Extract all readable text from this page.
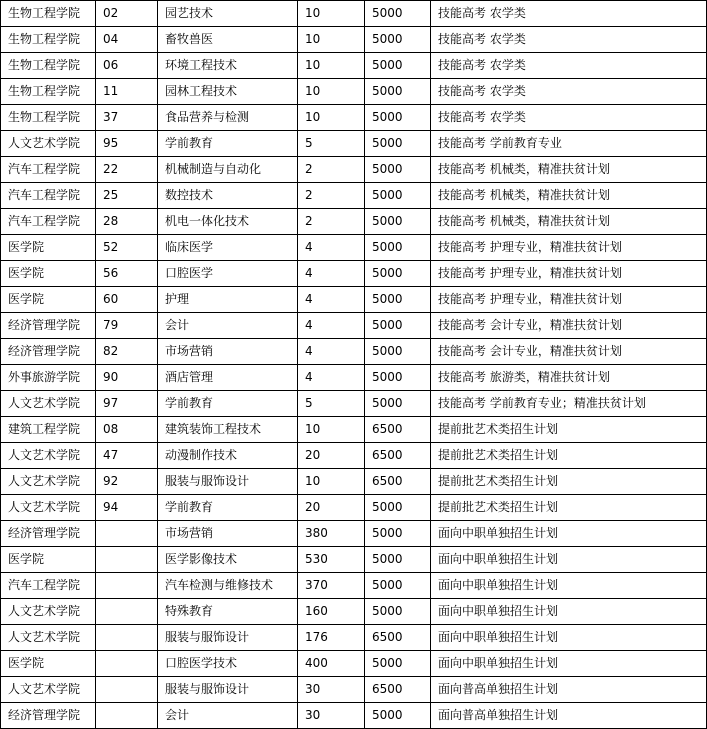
生物工程学院	02	园艺技术	10	5000	技能高考 农学类
生物工程学院	04	畜牧兽医	10	5000	技能高考 农学类
生物工程学院	06	环境工程技术	10	5000	技能高考 农学类
生物工程学院	11	园林工程技术	10	5000	技能高考 农学类
生物工程学院	37	食品营养与检测	10	5000	技能高考 农学类
人文艺术学院	95	学前教育	5	5000	技能高考 学前教育专业
汽车工程学院	22	机械制造与自动化	2	5000	技能高考 机械类，精准扶贫计划
汽车工程学院	25	数控技术	2	5000	技能高考 机械类，精准扶贫计划
汽车工程学院	28	机电一体化技术	2	5000	技能高考 机械类，精准扶贫计划
医学院	52	临床医学	4	5000	技能高考 护理专业，精准扶贫计划
医学院	56	口腔医学	4	5000	技能高考 护理专业，精准扶贫计划
医学院	60	护理	4	5000	技能高考 护理专业，精准扶贫计划
经济管理学院	79	会计	4	5000	技能高考 会计专业，精准扶贫计划
经济管理学院	82	市场营销	4	5000	技能高考 会计专业，精准扶贫计划
外事旅游学院	90	酒店管理	4	5000	技能高考 旅游类，精准扶贫计划
人文艺术学院	97	学前教育	5	5000	技能高考 学前教育专业；精准扶贫计划
建筑工程学院	08	建筑装饰工程技术	10	6500	提前批艺术类招生计划
人文艺术学院	47	动漫制作技术	20	6500	提前批艺术类招生计划
人文艺术学院	92	服装与服饰设计	10	6500	提前批艺术类招生计划
人文艺术学院	94	学前教育	20	5000	提前批艺术类招生计划
经济管理学院		市场营销	380	5000	面向中职单独招生计划
医学院		医学影像技术	530	5000	面向中职单独招生计划
汽车工程学院		汽车检测与维修技术	370	5000	面向中职单独招生计划
人文艺术学院		特殊教育	160	5000	面向中职单独招生计划
人文艺术学院		服装与服饰设计	176	6500	面向中职单独招生计划
医学院		口腔医学技术	400	5000	面向中职单独招生计划
人文艺术学院		服装与服饰设计	30	6500	面向普高单独招生计划
经济管理学院		会计	30	5000	面向普高单独招生计划
